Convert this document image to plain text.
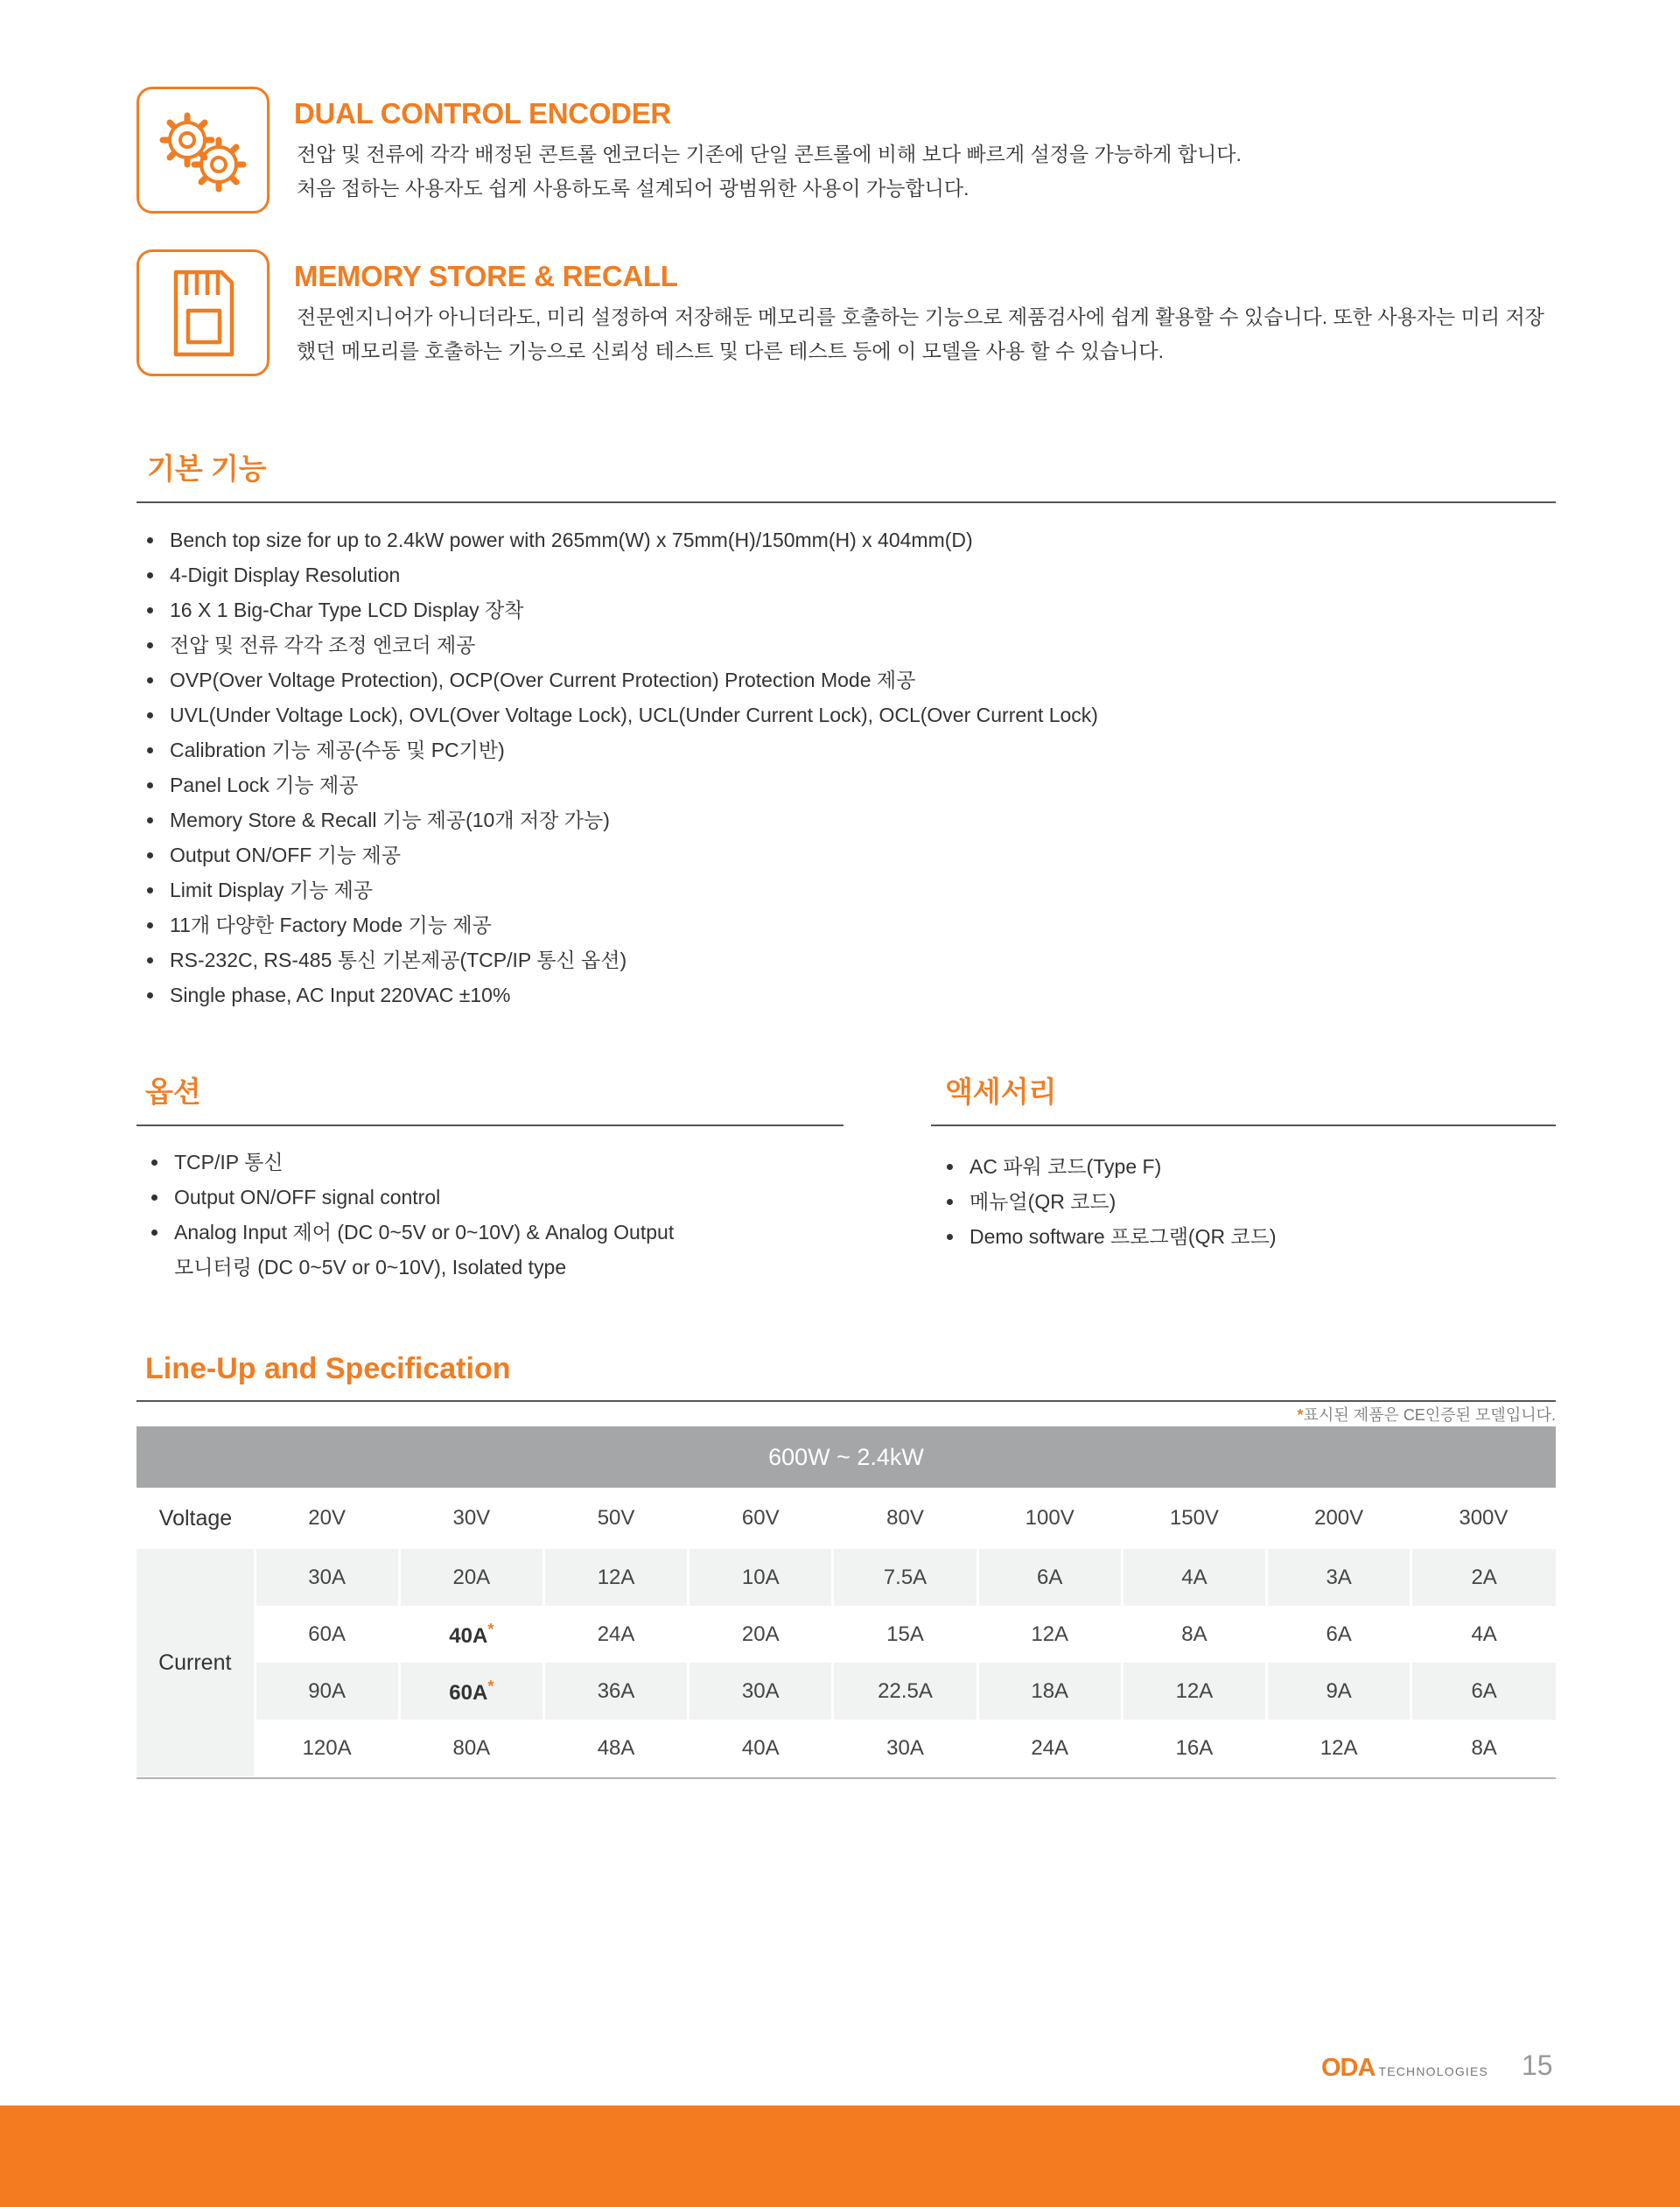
DUAL CONTROL ENCODER
전압 및 전류에 각각 배정된 콘트롤 엔코더는 기존에 단일 콘트롤에 비해 보다 빠르게 설정을 가능하게 합니다.
처음 접하는 사용자도 쉽게 사용하도록 설계되어 광범위한 사용이 가능합니다.
MEMORY STORE & RECALL
전문엔지니어가 아니더라도, 미리 설정하여 저장해둔 메모리를 호출하는 기능으로 제품검사에 쉽게 활용할 수 있습니다. 또한 사용자는 미리 저장
했던 메모리를 호출하는 기능으로 신뢰성 테스트 및 다른 테스트 등에 이 모델을 사용 할 수 있습니다.
기본 기능
Bench top size for up to 2.4kW power with 265mm(W) x 75mm(H)/150mm(H) x 404mm(D)
4-Digit Display Resolution
16 X 1 Big-Char Type LCD Display 장착
전압 및 전류 각각 조정 엔코더 제공
OVP(Over Voltage Protection), OCP(Over Current Protection) Protection Mode 제공
UVL(Under Voltage Lock), OVL(Over Voltage Lock), UCL(Under Current Lock), OCL(Over Current Lock)
Calibration 기능 제공(수동 및 PC기반)
Panel Lock 기능 제공
Memory Store & Recall 기능 제공(10개 저장 가능)
Output ON/OFF 기능 제공
Limit Display 기능 제공
11개 다양한 Factory Mode 기능 제공
RS-232C, RS-485 통신 기본제공(TCP/IP 통신 옵션)
Single phase, AC Input 220VAC ±10%
옵션
TCP/IP 통신
Output ON/OFF signal control
Analog Input 제어 (DC 0~5V or 0~10V) & Analog Output
모니터링 (DC 0~5V or 0~10V), Isolated type
액세서리
AC 파워 코드(Type F)
메뉴얼(QR 코드)
Demo software 프로그램(QR 코드)
Line-Up and Specification
*표시된 제품은 CE인증된 모델입니다.
600W ~ 2.4kW									
Voltage	20V	30V	50V	60V	80V	100V	150V	200V	300V
Current	30A	20A	12A	10A	7.5A	6A	4A	3A	2A
	60A	40A*	24A	20A	15A	12A	8A	6A	4A
	90A	60A*	36A	30A	22.5A	18A	12A	9A	6A
	120A	80A	48A	40A	30A	24A	16A	12A	8A
ODA TECHNOLOGIES 15
